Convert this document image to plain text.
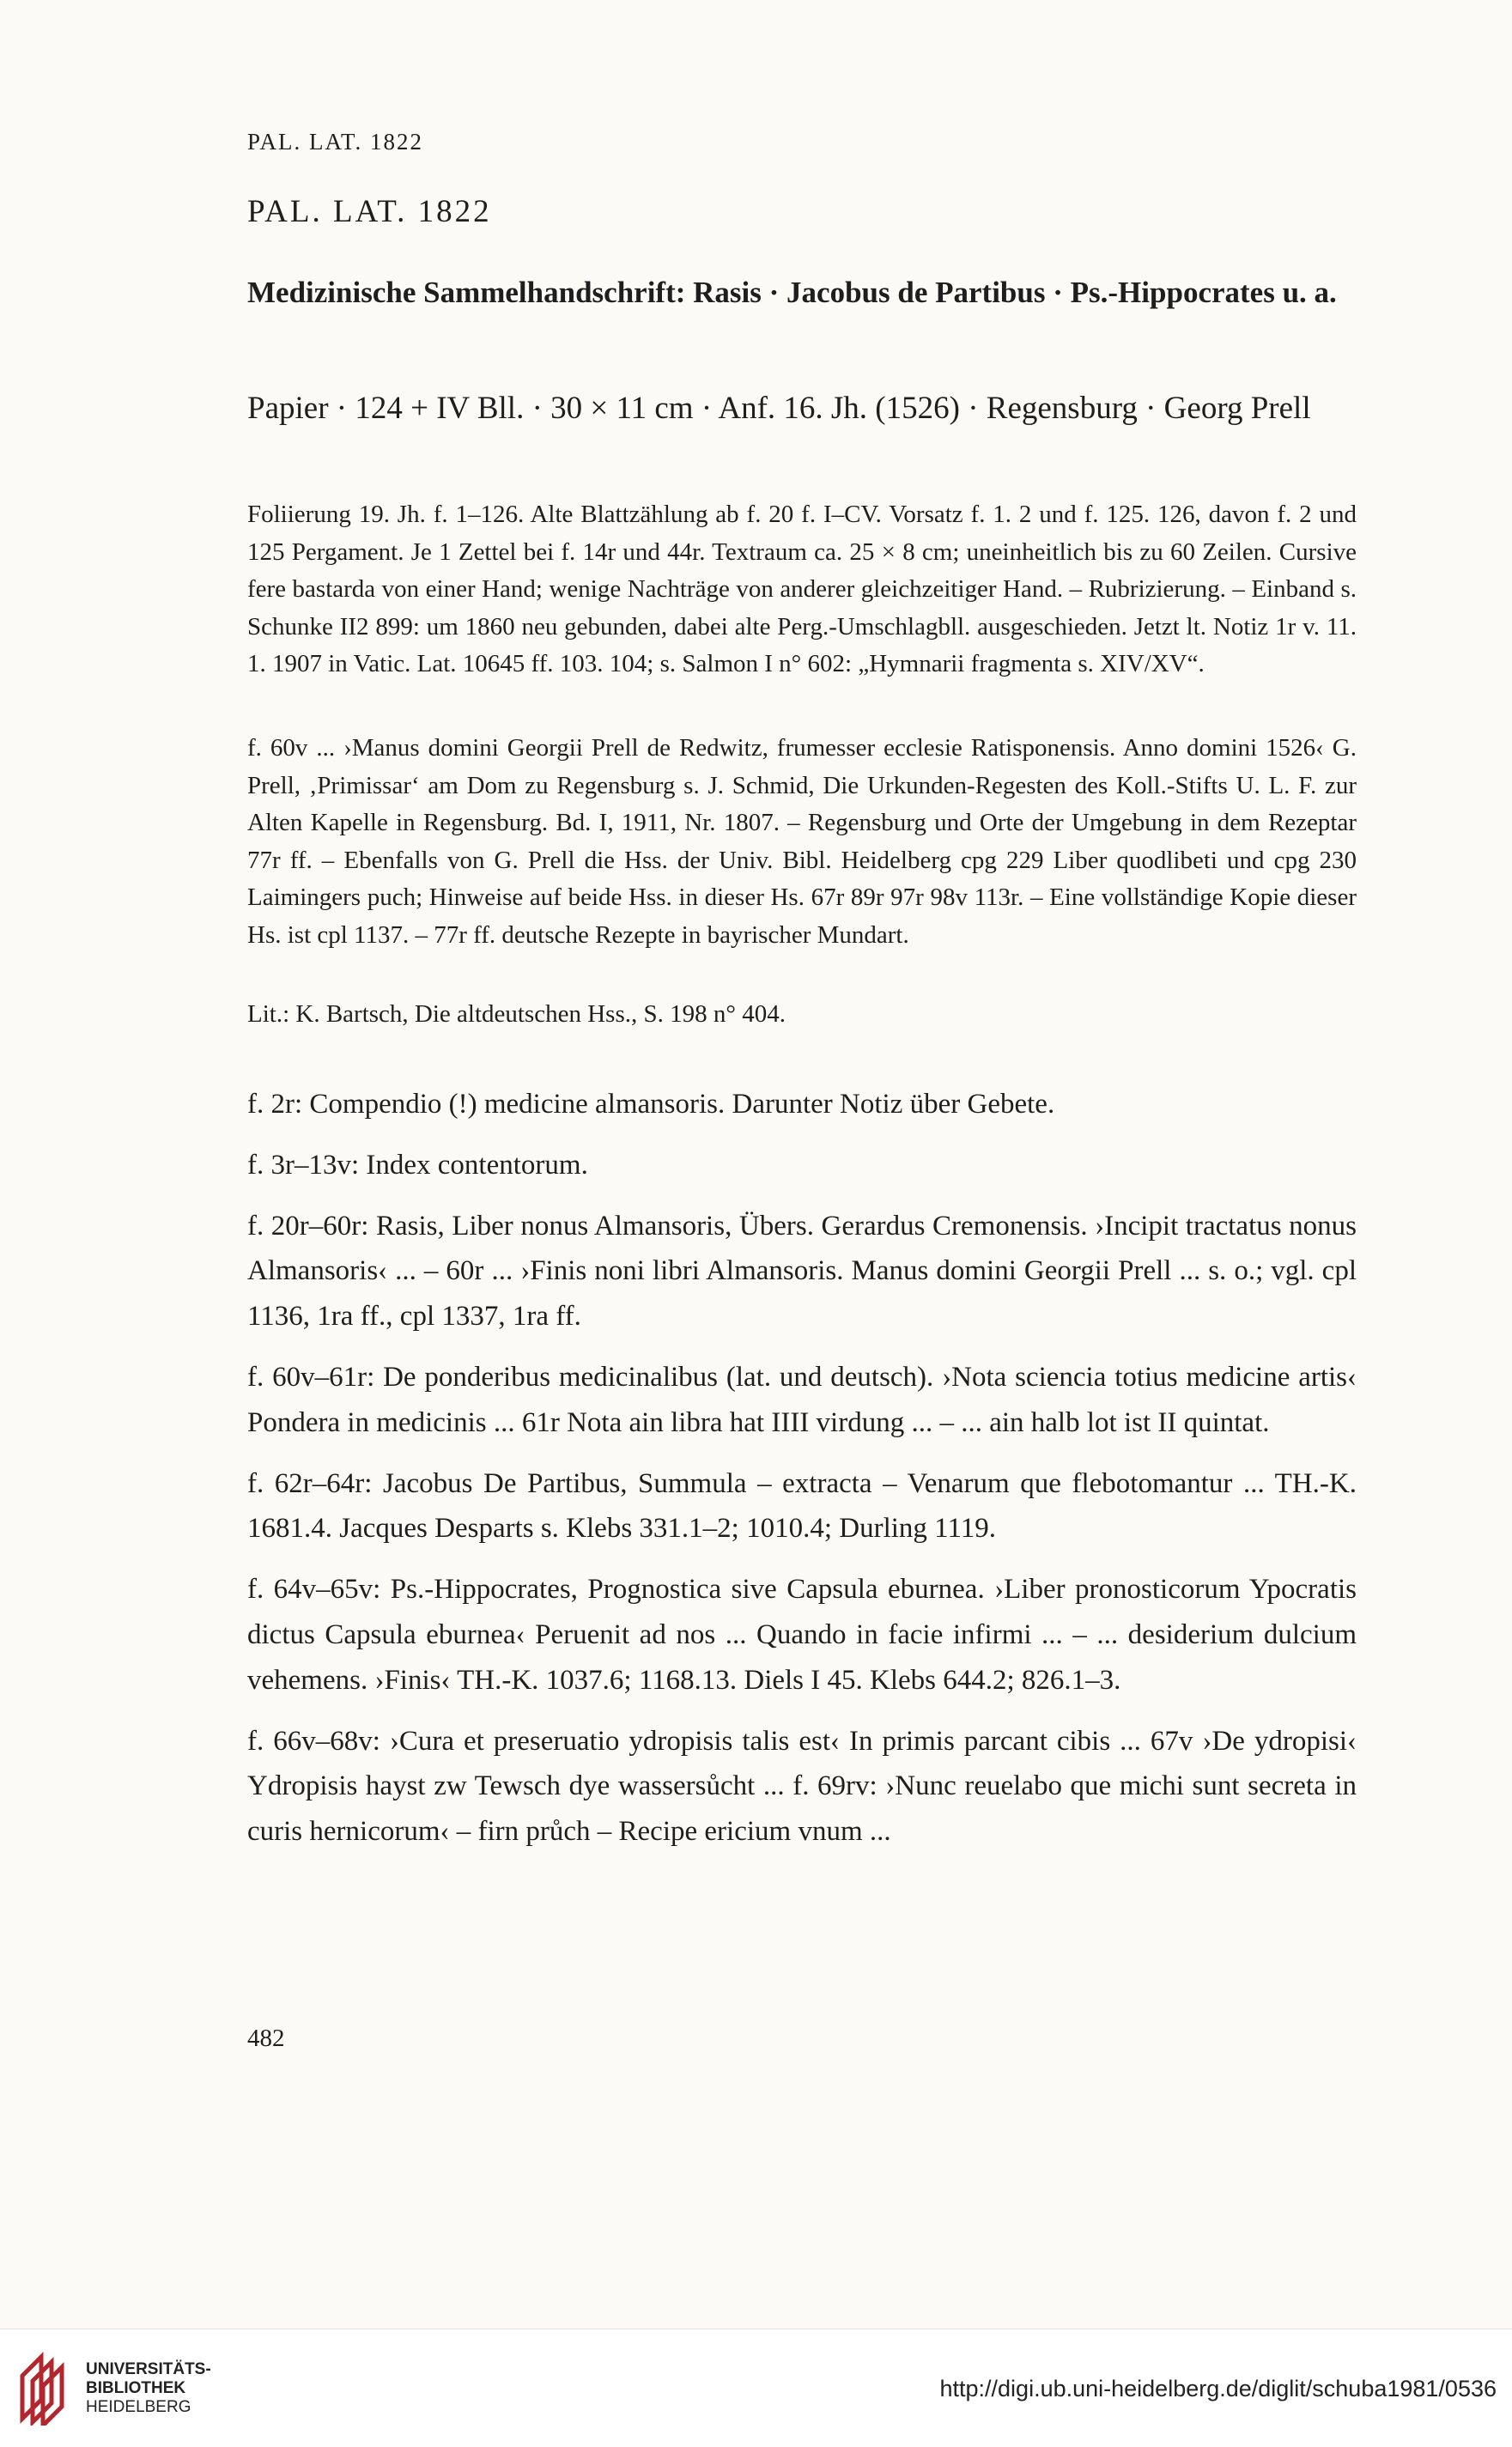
PAL. LAT. 1822
PAL. LAT. 1822
Medizinische Sammelhandschrift: Rasis · Jacobus de Partibus · Ps.-Hippocrates u. a.
Papier · 124 + IV Bll. · 30 × 11 cm · Anf. 16. Jh. (1526) · Regensburg · Georg Prell
Foliierung 19. Jh. f. 1–126. Alte Blattzählung ab f. 20 f. I–CV. Vorsatz f. 1. 2 und f. 125. 126, davon f. 2 und 125 Pergament. Je 1 Zettel bei f. 14r und 44r. Textraum ca. 25 × 8 cm; uneinheitlich bis zu 60 Zeilen. Cursive fere bastarda von einer Hand; wenige Nachträge von anderer gleichzeitiger Hand. – Rubrizierung. – Einband s. Schunke II2 899: um 1860 neu gebunden, dabei alte Perg.-Umschlagbll. ausgeschieden. Jetzt lt. Notiz 1r v. 11. 1. 1907 in Vatic. Lat. 10645 ff. 103. 104; s. Salmon I n° 602: „Hymnarii fragmenta s. XIV/XV“.
f. 60v ... ›Manus domini Georgii Prell de Redwitz, frumesser ecclesie Ratisponensis. Anno domini 1526‹ G. Prell, ‚Primissar‘ am Dom zu Regensburg s. J. Schmid, Die Urkunden-Regesten des Koll.-Stifts U. L. F. zur Alten Kapelle in Regensburg. Bd. I, 1911, Nr. 1807. – Regensburg und Orte der Umgebung in dem Rezeptar 77r ff. – Ebenfalls von G. Prell die Hss. der Univ. Bibl. Heidelberg cpg 229 Liber quodlibeti und cpg 230 Laimingers puch; Hinweise auf beide Hss. in dieser Hs. 67r 89r 97r 98v 113r. – Eine vollständige Kopie dieser Hs. ist cpl 1137. – 77r ff. deutsche Rezepte in bayrischer Mundart.
Lit.: K. Bartsch, Die altdeutschen Hss., S. 198 n° 404.

f. 2r: Compendio (!) medicine almansoris. Darunter Notiz über Gebete.

f. 3r–13v: Index contentorum.

f. 20r–60r: Rasis, Liber nonus Almansoris, Übers. Gerardus Cremonensis. ›Incipit tractatus nonus Almansoris‹ ... – 60r ... ›Finis noni libri Almansoris. Manus domini Georgii Prell ... s. o.; vgl. cpl 1136, 1ra ff., cpl 1337, 1ra ff.

f. 60v–61r: De ponderibus medicinalibus (lat. und deutsch). ›Nota sciencia totius medicine artis‹ Pondera in medicinis ... 61r Nota ain libra hat IIII virdung ... – ... ain halb lot ist II quintat.

f. 62r–64r: Jacobus De Partibus, Summula – extracta – Venarum que flebotomantur ... TH.-K. 1681.4. Jacques Desparts s. Klebs 331.1–2; 1010.4; Durling 1119.

f. 64v–65v: Ps.-Hippocrates, Prognostica sive Capsula eburnea. ›Liber pronosticorum Ypocratis dictus Capsula eburnea‹ Peruenit ad nos ... Quando in facie infirmi ... – ... desiderium dulcium vehemens. ›Finis‹ TH.-K. 1037.6; 1168.13. Diels I 45. Klebs 644.2; 826.1–3.

f. 66v–68v: ›Cura et preseruatio ydropisis talis est‹ In primis parcant cibis ... 67v ›De ydropisi‹ Ydropisis hayst zw Tewsch dye wassersůcht ... f. 69rv: ›Nunc reuelabo que michi sunt secreta in curis hernicorum‹ – firn průch – Recipe ericium vnum ...

482
UNIVERSITÄTS-
BIBLIOTHEK
HEIDELBERG
http://digi.ub.uni-heidelberg.de/diglit/schuba1981/0536
